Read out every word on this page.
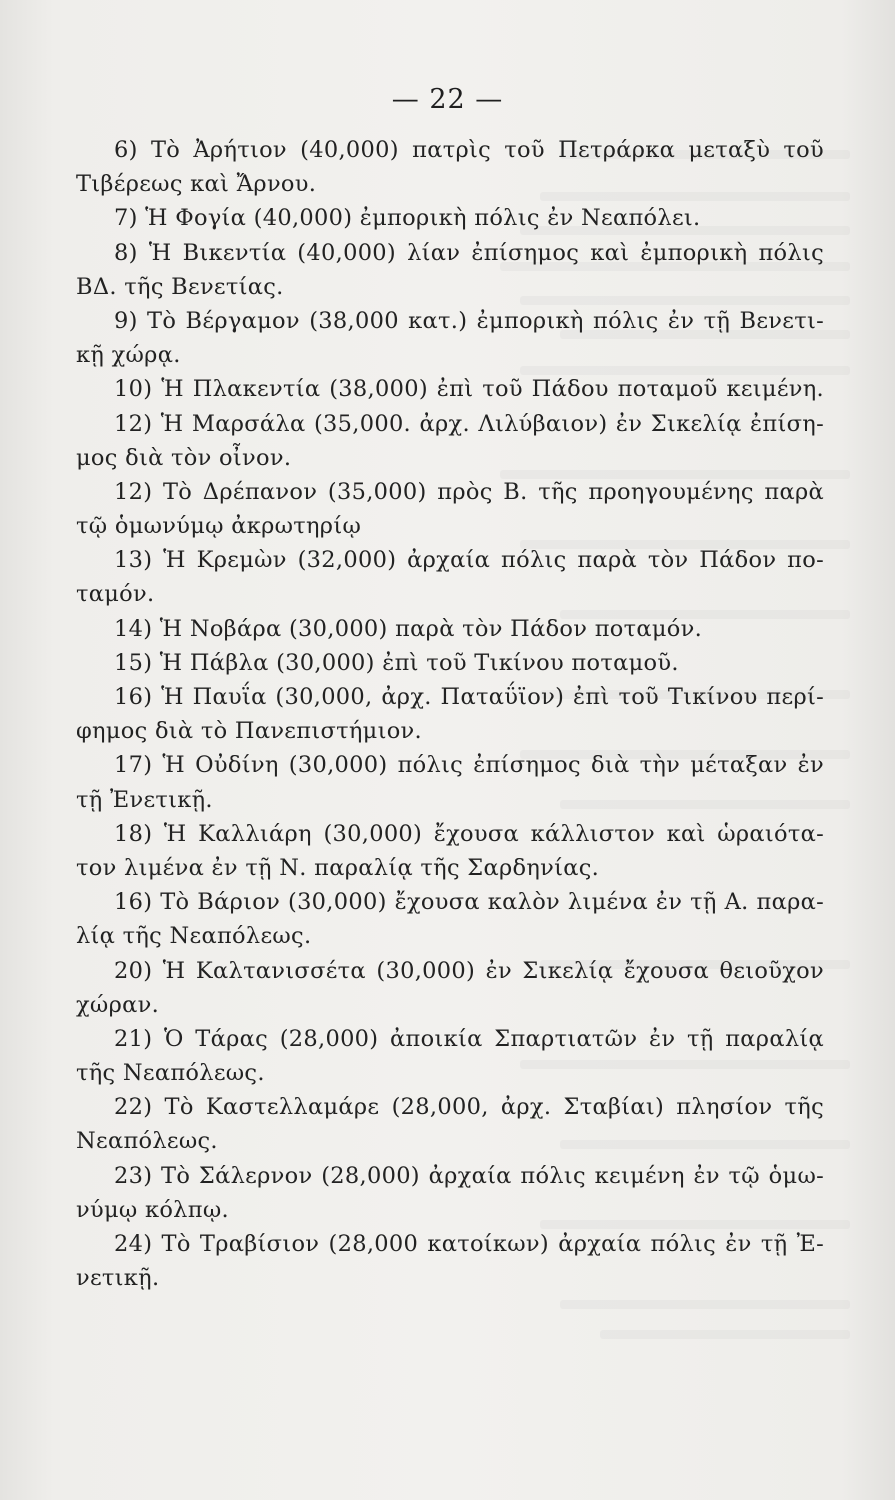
— 22 —
6) Τὸ Ἀρήτιον (40,000) πατρὶς τοῦ Πετράρκα μεταξὺ τοῦ
Τιβέρεως καὶ Ἄρνου.
7) Ἡ Φογία (40,000) ἐμπορικὴ πόλις ἐν Νεαπόλει.
8) Ἡ Βικεντία (40,000) λίαν ἐπίσημος καὶ ἐμπορικὴ πόλις
ΒΔ. τῆς Βενετίας.
9) Τὸ Βέργαμον (38,000 κατ.) ἐμπορικὴ πόλις ἐν τῇ Βενετι-
κῇ χώρᾳ.
10) Ἡ Πλακεντία (38,000) ἐπὶ τοῦ Πάδου ποταμοῦ κειμένη.
12) Ἡ Μαρσάλα (35,000. ἀρχ. Λιλύβαιον) ἐν Σικελίᾳ ἐπίση-
μος διὰ τὸν οἶνον.
12) Τὸ Δρέπανον (35,000) πρὸς Β. τῆς προηγουμένης παρὰ
τῷ ὁμωνύμῳ ἀκρωτηρίῳ
13) Ἡ Κρεμὼν (32,000) ἀρχαία πόλις παρὰ τὸν Πάδον πο-
ταμόν.
14) Ἡ Νοβάρα (30,000) παρὰ τὸν Πάδον ποταμόν.
15) Ἡ Πάβλα (30,000) ἐπὶ τοῦ Τικίνου ποταμοῦ.
16) Ἡ Παυΐα (30,000, ἀρχ. Παταΰϊον) ἐπὶ τοῦ Τικίνου περί-
φημος διὰ τὸ Πανεπιστήμιον.
17) Ἡ Οὐδίνη (30,000) πόλις ἐπίσημος διὰ τὴν μέταξαν ἐν
τῇ Ἐνετικῇ.
18) Ἡ Καλλιάρη (30,000) ἔχουσα κάλλιστον καὶ ὡραιότα-
τον λιμένα ἐν τῇ Ν. παραλίᾳ τῆς Σαρδηνίας.
16) Τὸ Βάριον (30,000) ἔχουσα καλὸν λιμένα ἐν τῇ Α. παρα-
λίᾳ τῆς Νεαπόλεως.
20) Ἡ Καλτανισσέτα (30,000) ἐν Σικελίᾳ ἔχουσα θειοῦχον
χώραν.
21) Ὁ Τάρας (28,000) ἀποικία Σπαρτιατῶν ἐν τῇ παραλίᾳ
τῆς Νεαπόλεως.
22) Τὸ Καστελλαμάρε (28,000, ἀρχ. Σταβίαι) πλησίον τῆς
Νεαπόλεως.
23) Τὸ Σάλερνον (28,000) ἀρχαία πόλις κειμένη ἐν τῷ ὁμω-
νύμῳ κόλπῳ.
24) Τὸ Τραβίσιον (28,000 κατοίκων) ἀρχαία πόλις ἐν τῇ Ἐ-
νετικῇ.
